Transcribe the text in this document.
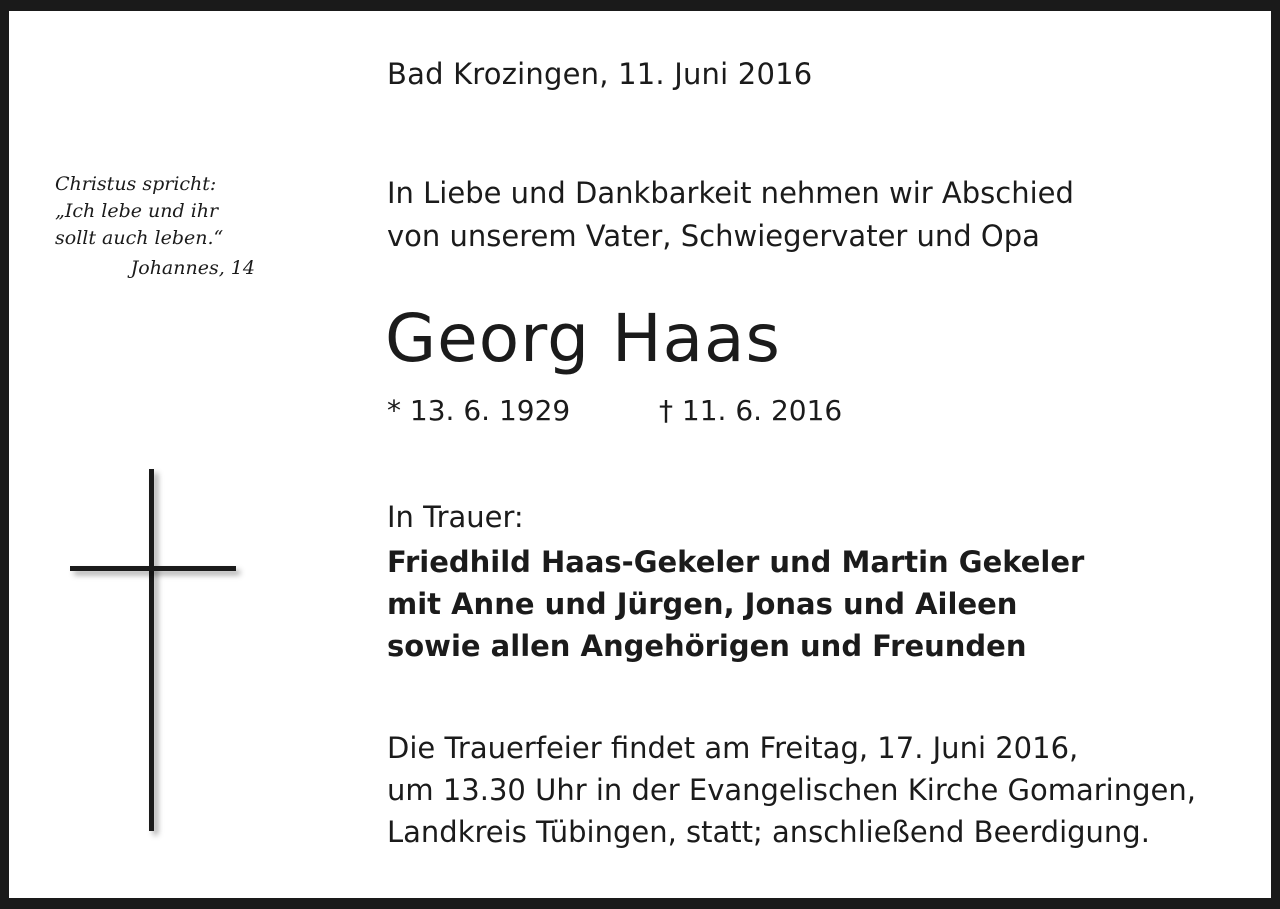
Bad Krozingen, 11. Juni 2016

Christus spricht:
„Ich lebe und ihr
sollt auch leben.“
Johannes, 14
In Liebe und Dankbarkeit nehmen wir Abschied
von unserem Vater, Schwiegervater und Opa
Georg Haas
* 13. 6. 1929	† 11. 6. 2016

In Trauer:

Friedhild Haas-Gekeler und Martin Gekeler
mit Anne und Jürgen, Jonas und Aileen
sowie allen Angehörigen und Freunden
Die Trauerfeier findet am Freitag, 17. Juni 2016,
um 13.30 Uhr in der Evangelischen Kirche Gomaringen,
Landkreis Tübingen, statt; anschließend Beerdigung.
